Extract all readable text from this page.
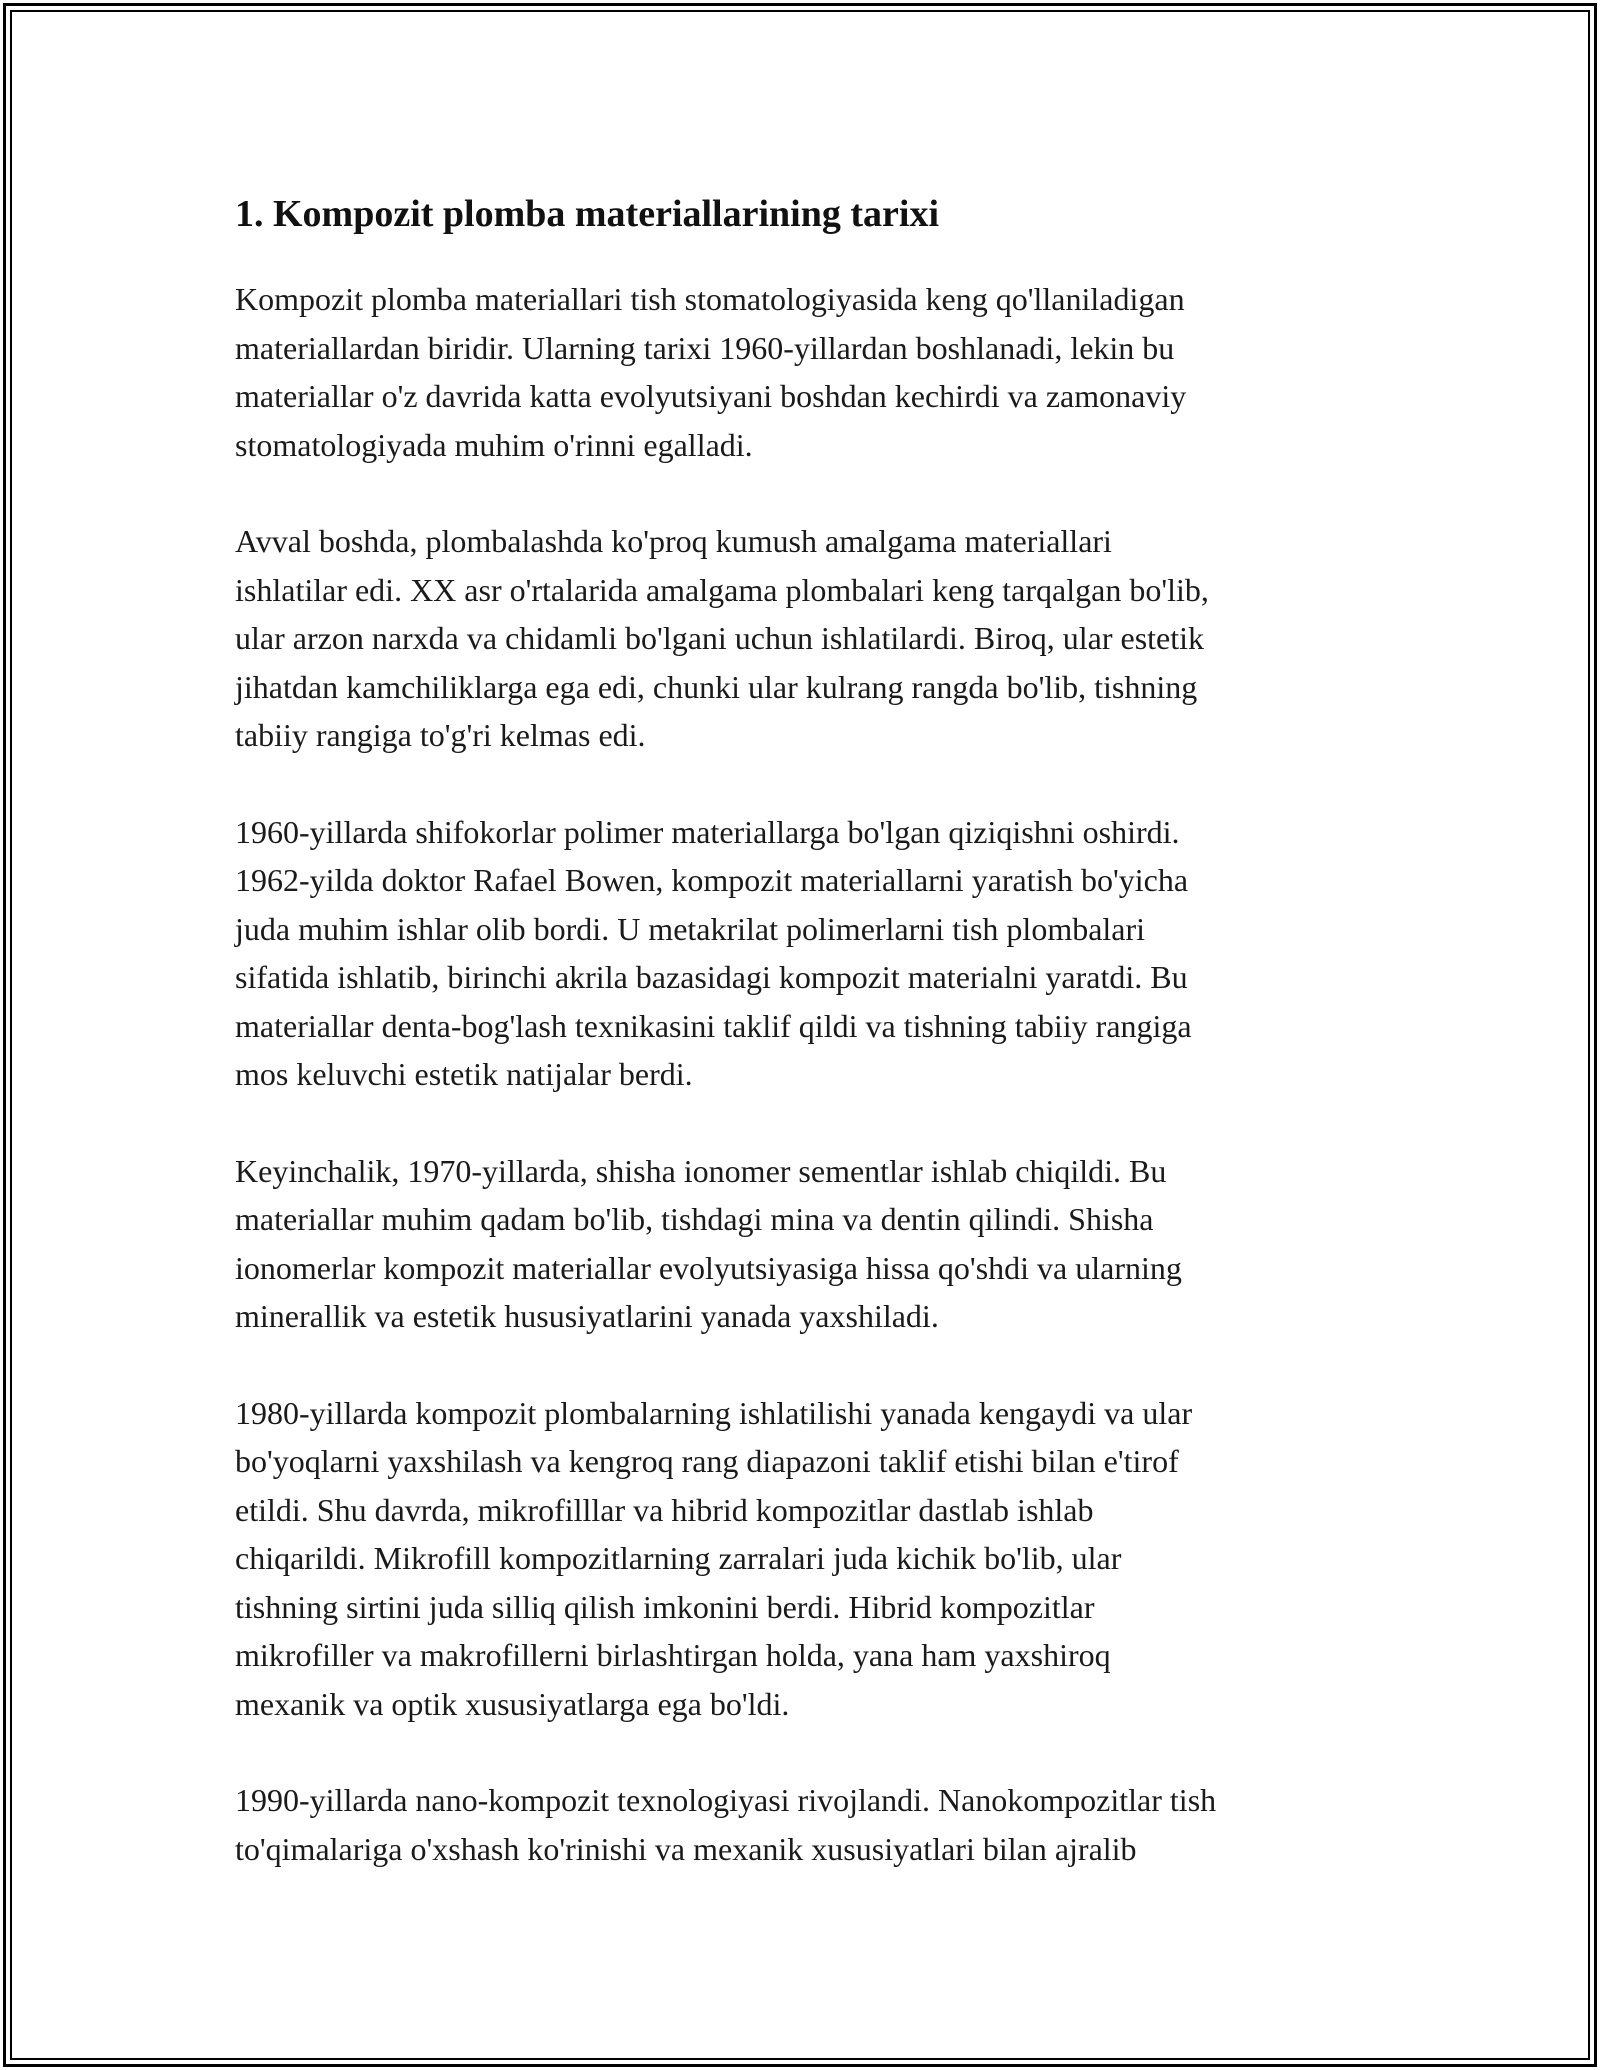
1. Kompozit plomba materiallarining tarixi

Kompozit plomba materiallari tish stomatologiyasida keng qo'llaniladigan
materiallardan biridir. Ularning tarixi 1960-yillardan boshlanadi, lekin bu
materiallar o'z davrida katta evolyutsiyani boshdan kechirdi va zamonaviy
stomatologiyada muhim o'rinni egalladi.

Avval boshda, plombalashda ko'proq kumush amalgama materiallari
ishlatilar edi. XX asr o'rtalarida amalgama plombalari keng tarqalgan bo'lib,
ular arzon narxda va chidamli bo'lgani uchun ishlatilardi. Biroq, ular estetik
jihatdan kamchiliklarga ega edi, chunki ular kulrang rangda bo'lib, tishning
tabiiy rangiga to'g'ri kelmas edi.

1960-yillarda shifokorlar polimer materiallarga bo'lgan qiziqishni oshirdi.
1962-yilda doktor Rafael Bowen, kompozit materiallarni yaratish bo'yicha
juda muhim ishlar olib bordi. U metakrilat polimerlarni tish plombalari
sifatida ishlatib, birinchi akrila bazasidagi kompozit materialni yaratdi. Bu
materiallar denta-bog'lash texnikasini taklif qildi va tishning tabiiy rangiga
mos keluvchi estetik natijalar berdi.

Keyinchalik, 1970-yillarda, shisha ionomer sementlar ishlab chiqildi. Bu
materiallar muhim qadam bo'lib, tishdagi mina va dentin qilindi. Shisha
ionomerlar kompozit materiallar evolyutsiyasiga hissa qo'shdi va ularning
minerallik va estetik hususіyatlarini yanada yaxshiladi.

1980-yillarda kompozit plombalarning ishlatilishi yanada kengaydi va ular
bo'yoqlarni yaxshilash va kengroq rang diapazoni taklif etishi bilan e'tirof
etildi. Shu davrda, mikrofilllar va hibrid kompozitlar dastlab ishlab
chiqarildi. Mikrofill kompozitlarning zarralari juda kichik bo'lib, ular
tishning sirtini juda silliq qilish imkonini berdi. Hibrid kompozitlar
mikrofiller va makrofillerni birlashtirgan holda, yana ham yaxshiroq
mexanik va optik xususiyatlarga ega bo'ldi.

1990-yillarda nano-kompozit texnologiyasi rivojlandi. Nanokompozitlar tish
to'qimalariga o'xshash ko'rinishi va mexanik xususiyatlari bilan ajralib
